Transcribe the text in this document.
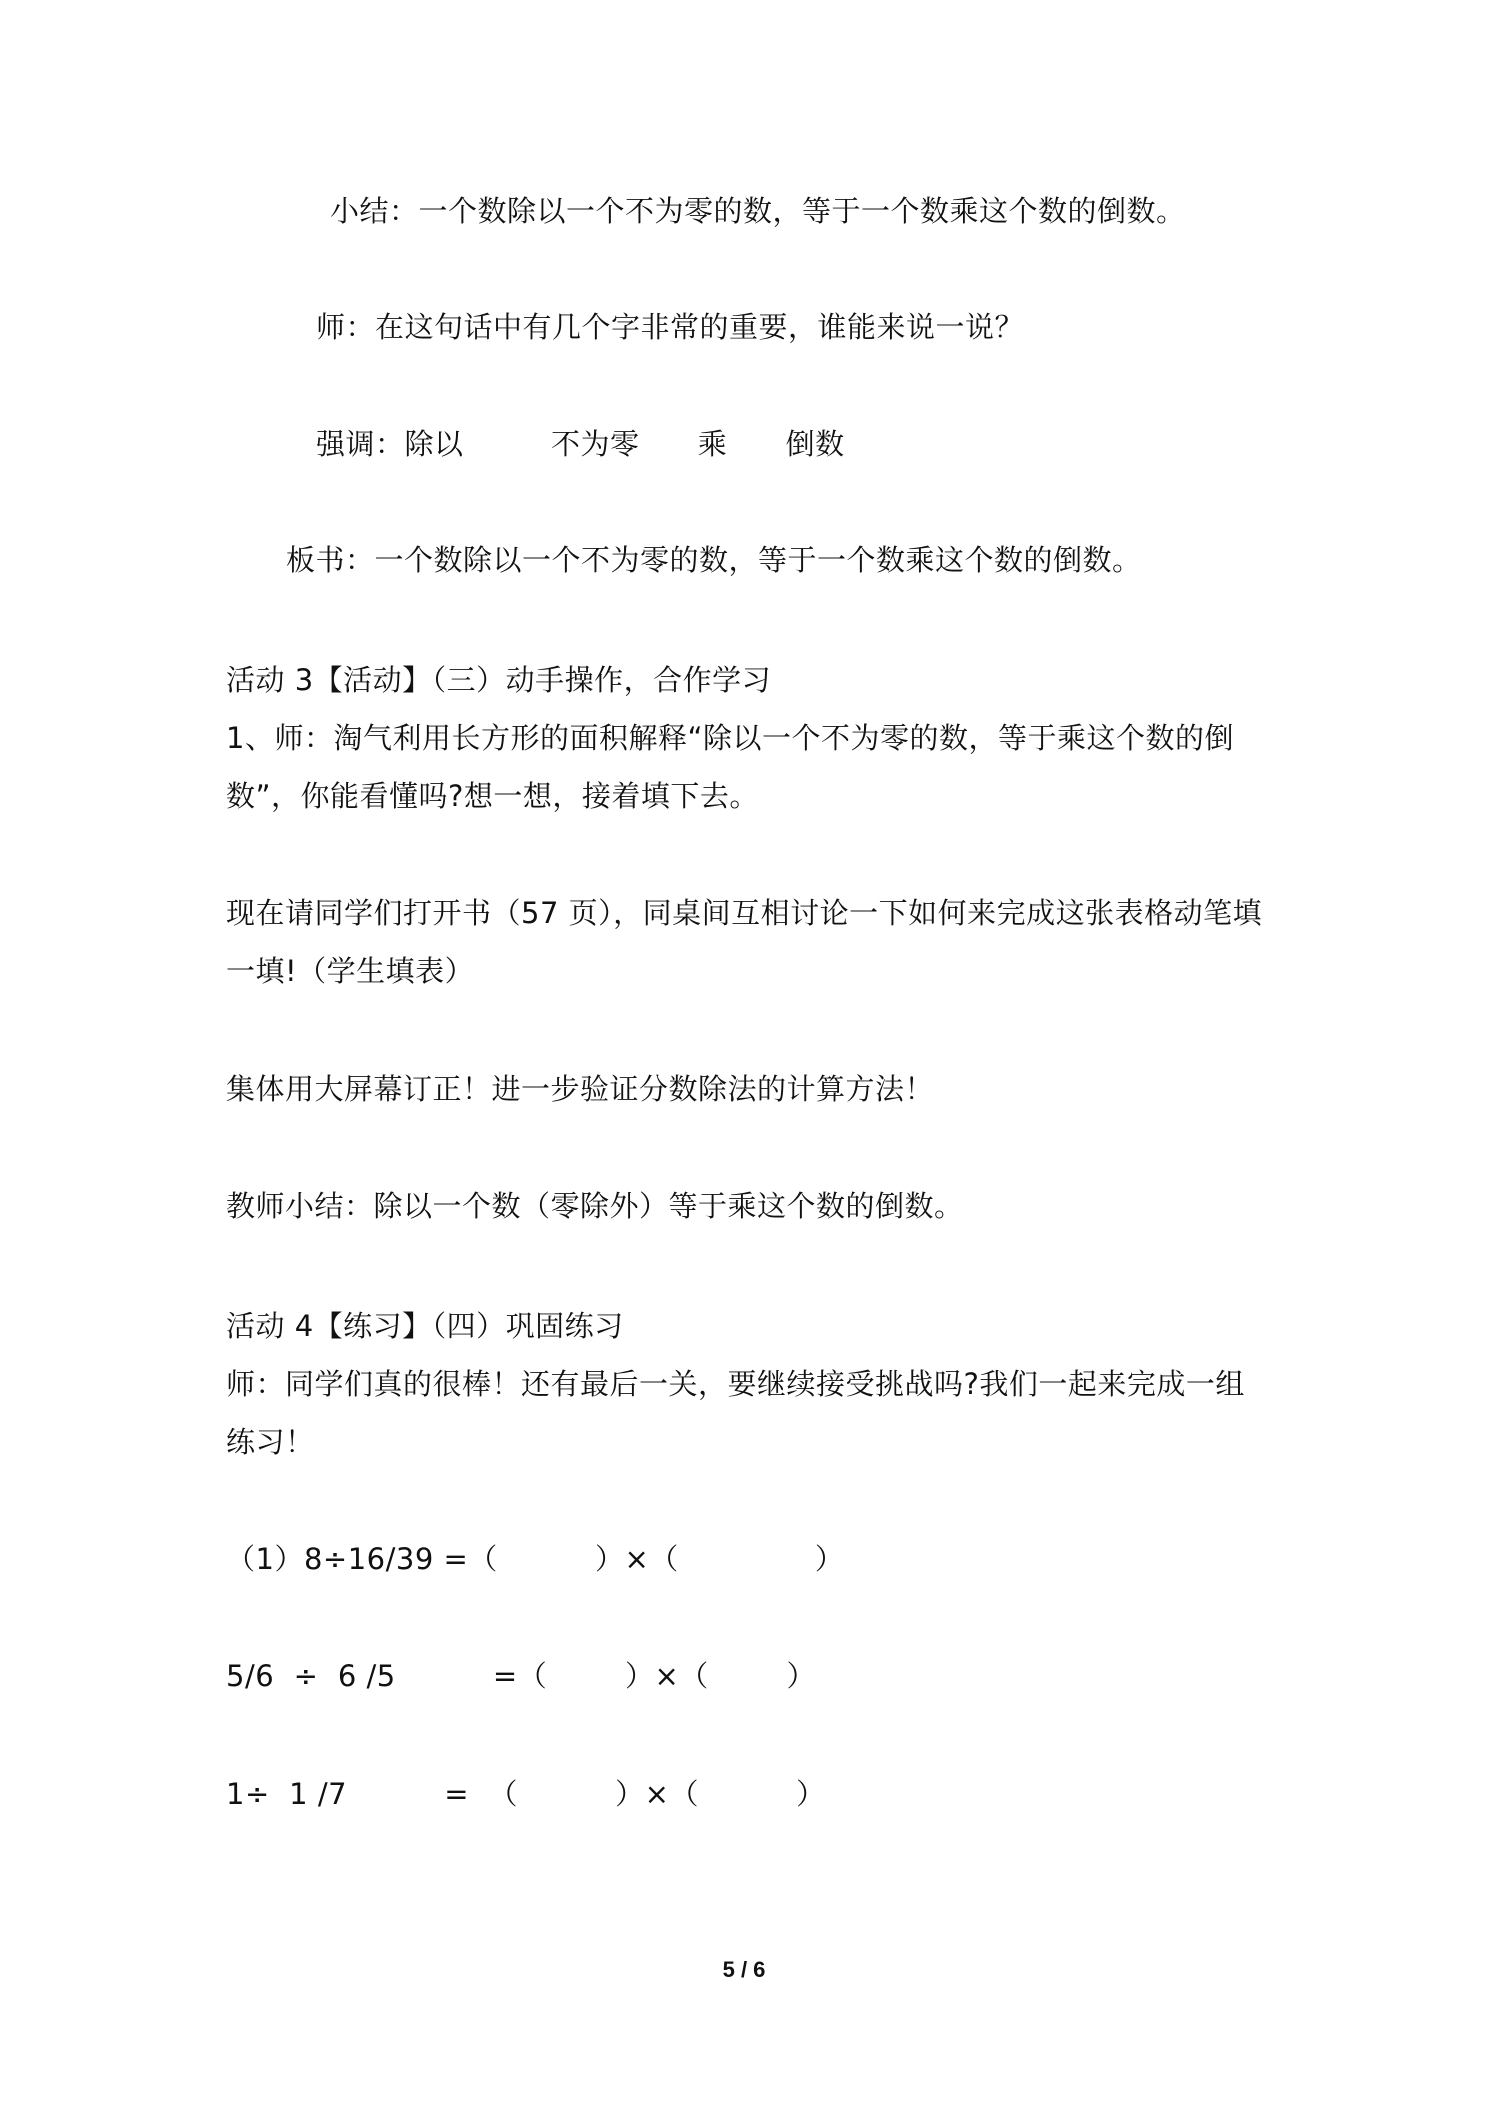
小结：一个数除以一个不为零的数，等于一个数乘这个数的倒数。
师：在这句话中有几个字非常的重要，谁能来说一说？
强调：除以         不为零      乘      倒数
板书：一个数除以一个不为零的数，等于一个数乘这个数的倒数。
活动 3【活动】（三）动手操作，合作学习
1、师：淘气利用长方形的面积解释“除以一个不为零的数，等于乘这个数的倒
数”，你能看懂吗?想一想，接着填下去。
现在请同学们打开书（57 页），同桌间互相讨论一下如何来完成这张表格动笔填
一填!（学生填表）
集体用大屏幕订正！进一步验证分数除法的计算方法！
教师小结：除以一个数（零除外）等于乘这个数的倒数。
活动 4【练习】（四）巩固练习
师：同学们真的很棒！还有最后一关，要继续接受挑战吗?我们一起来完成一组
练习！
（1）8÷16/39 =（          ）×（              ）
5/6  ÷  6 /5          =（        ）×（        ）
1÷  1 /7          =  （          ）×（          ）
5 / 6
